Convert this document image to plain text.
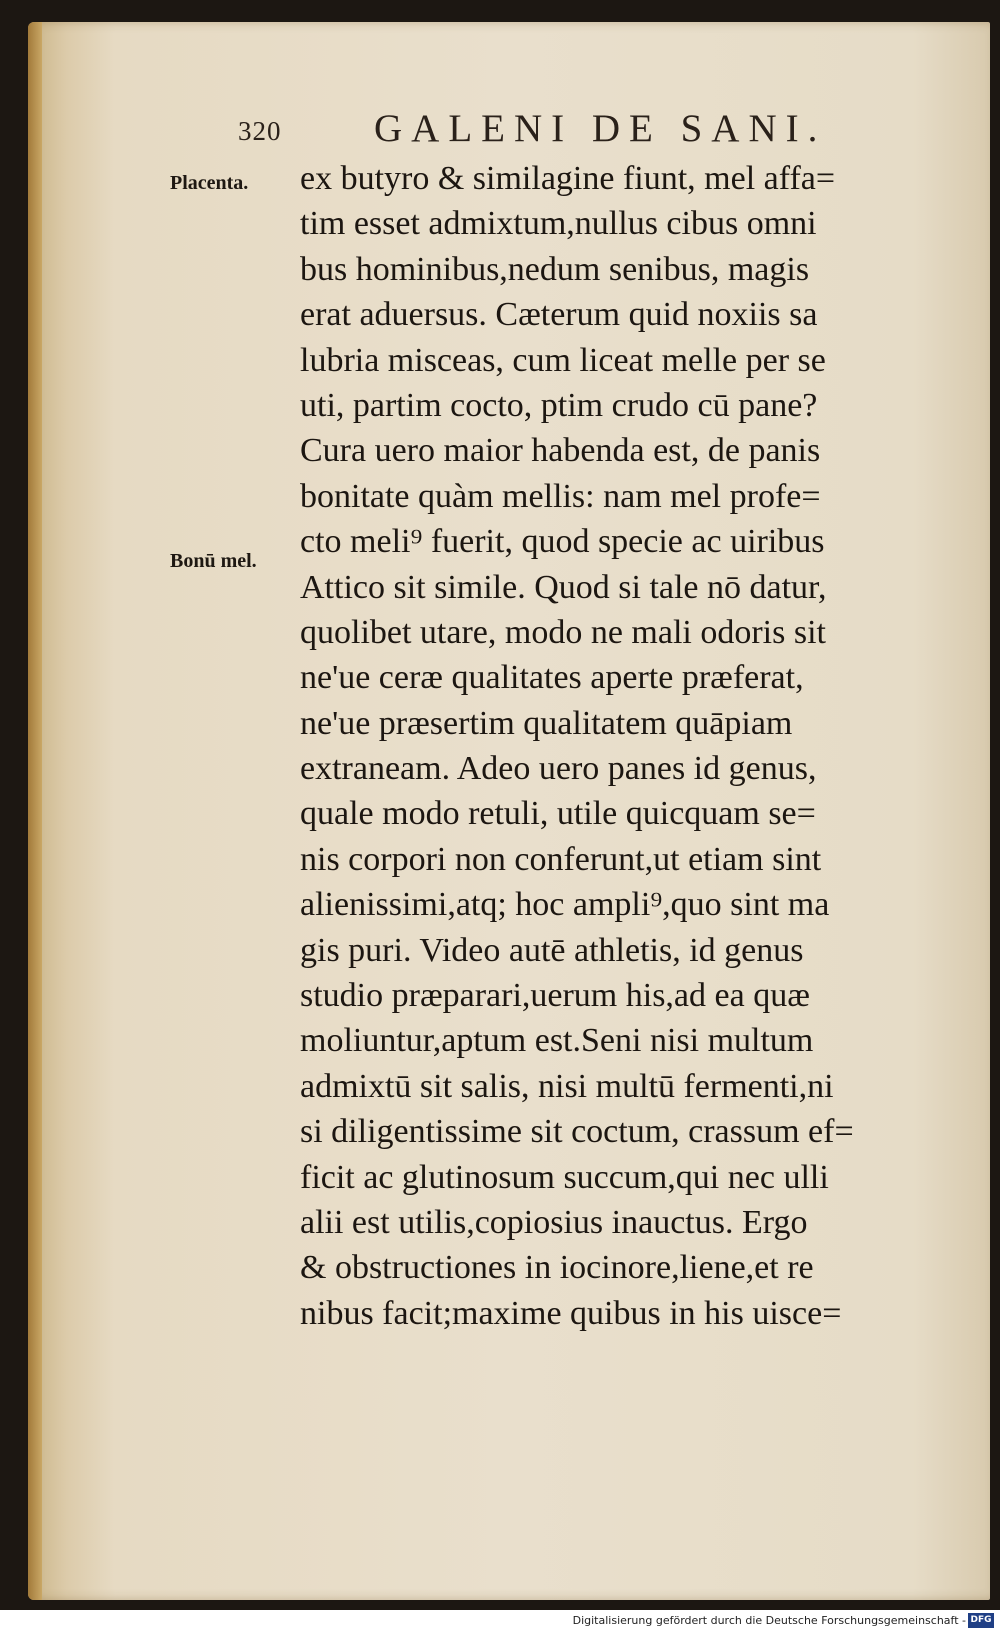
320 GALENI DE SANI.
Placenta.
Bonū mel.
ex butyro & similagine fiunt, mel affa=
tim esset admixtum,nullus cibus omni
bus hominibus,nedum senibus, magis
erat aduersus. Cæterum quid noxiis sa
lubria misceas, cum liceat melle per se
uti, partim cocto, ptim crudo cū pane?
Cura uero maior habenda est, de panis
bonitate quàm mellis: nam mel profe=
cto meli⁹ fuerit, quod specie ac uiribus
Attico sit simile. Quod si tale nō datur,
quolibet utare, modo ne mali odoris sit
ne'ue ceræ qualitates aperte præferat,
ne'ue præsertim qualitatem quāpiam
extraneam. Adeo uero panes id genus,
quale modo retuli, utile quicquam se=
nis corpori non conferunt,ut etiam sint
alienissimi,atq; hoc ampli⁹,quo sint ma
gis puri. Video autē athletis, id genus
studio præparari,uerum his,ad ea quæ
moliuntur,aptum est.Seni nisi multum
admixtū sit salis, nisi multū fermenti,ni
si diligentissime sit coctum, crassum ef=
ficit ac glutinosum succum,qui nec ulli
alii est utilis,copiosius inauctus. Ergo
& obstructiones in iocinore,liene,et re
nibus facit;maxime quibus in his uisce=
Digitalisierung gefördert durch die Deutsche Forschungsgemeinschaft - DFG
